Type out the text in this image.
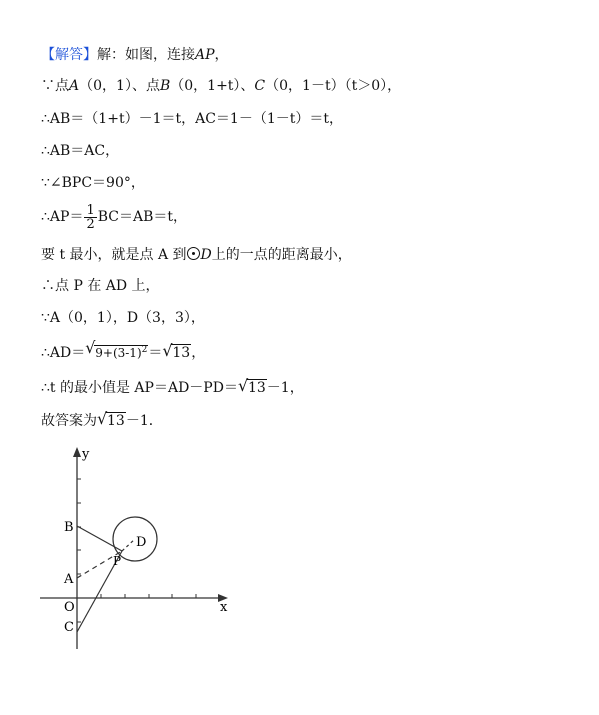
【解答】解：如图，连接AP，
∵点A（0，1）、点B（0，1+t）、C（0，1－t）（t＞0），
∴AB＝（1+t）－1＝t，AC＝1－（1－t）＝t，
∴AB＝AC，
∵∠BPC＝90°，
∴AP＝ $\frac{1}{2} BC=AB=t$，
要 t 最小，就是点 A 到 D上的一点的距离最小，
∴点 P 在 AD 上，
∵A（0，1），D（3，3），
∴AD＝ √ $9+(3-1)^2=$ √ 13，
∴t 的最小值是 AP＝AD－PD＝ √ 13－1，
故答案为 √ 13－1．
y
x
O
B
A
C
P
D
